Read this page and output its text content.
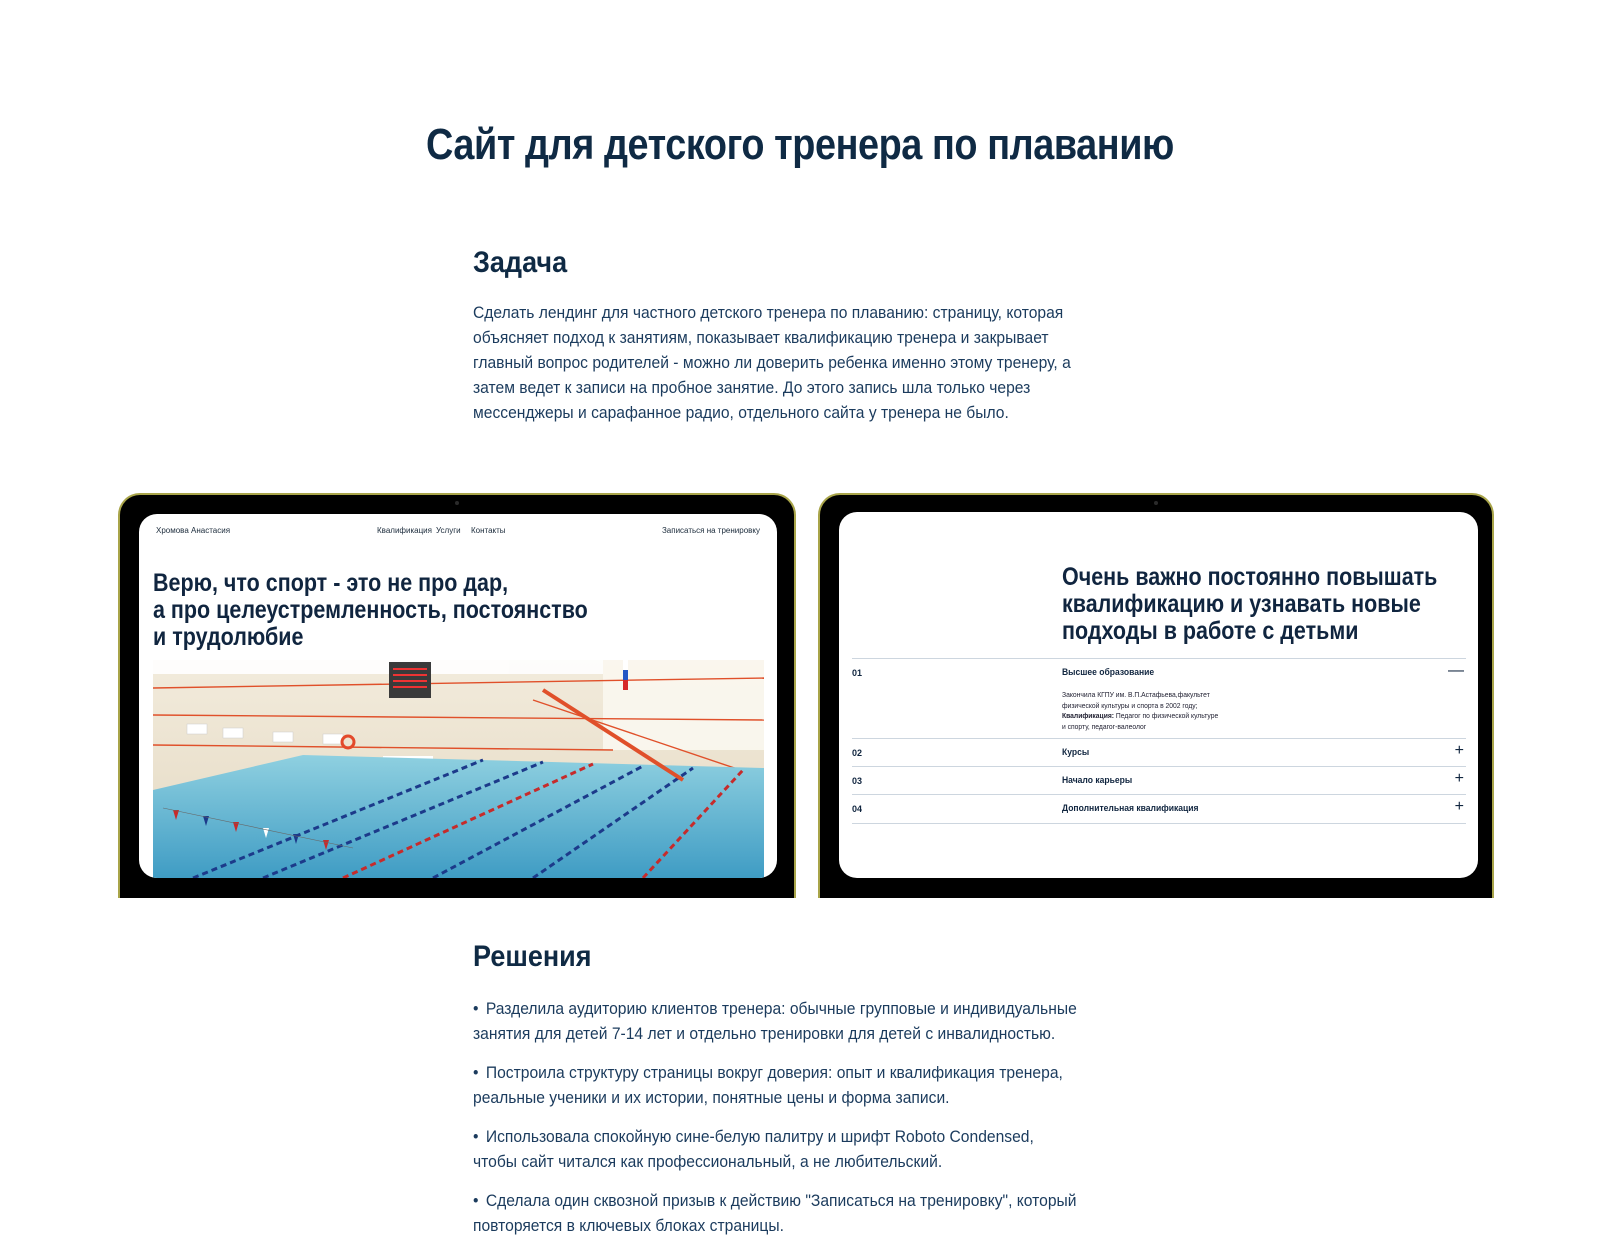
Сайт для детского тренера по плаванию
Задача
Сделать лендинг для частного детского тренера по плаванию: страницу, которая объясняет подход к занятиям, показывает квалификацию тренера и закрывает главный вопрос родителей - можно ли доверить ребенка именно этому тренеру, а затем ведет к записи на пробное занятие. До этого запись шла только через мессенджеры и сарафанное радио, отдельного сайта у тренера не было.
Хромова Анастасия	Квалификация Услуги Контакты	Записаться на тренировку
Верю, что спорт - это не про дар,
а про целеустремленность, постоянство
и трудолюбие
Очень важно постоянно повышать квалификацию и узнавать новые подходы в работе с детьми
01	Высшее образование	—
Закончила КГПУ им. В.П.Астафьева,факультет
физической культуры и спорта в 2002 году;
Квалификация: Педагог по физической культуре
и спорту, педагог-валеолог
02	Курсы	+
03	Начало карьеры	+
04	Дополнительная квалификация	+
Решения
• Разделила аудиторию клиентов тренера: обычные групповые и индивидуальные занятия для детей 7-14 лет и отдельно тренировки для детей с инвалидностью.
• Построила структуру страницы вокруг доверия: опыт и квалификация тренера, реальные ученики и их истории, понятные цены и форма записи.
• Использовала спокойную сине-белую палитру и шрифт Roboto Condensed, чтобы сайт читался как профессиональный, а не любительский.
• Сделала один сквозной призыв к действию "Записаться на тренировку", который повторяется в ключевых блоках страницы.
